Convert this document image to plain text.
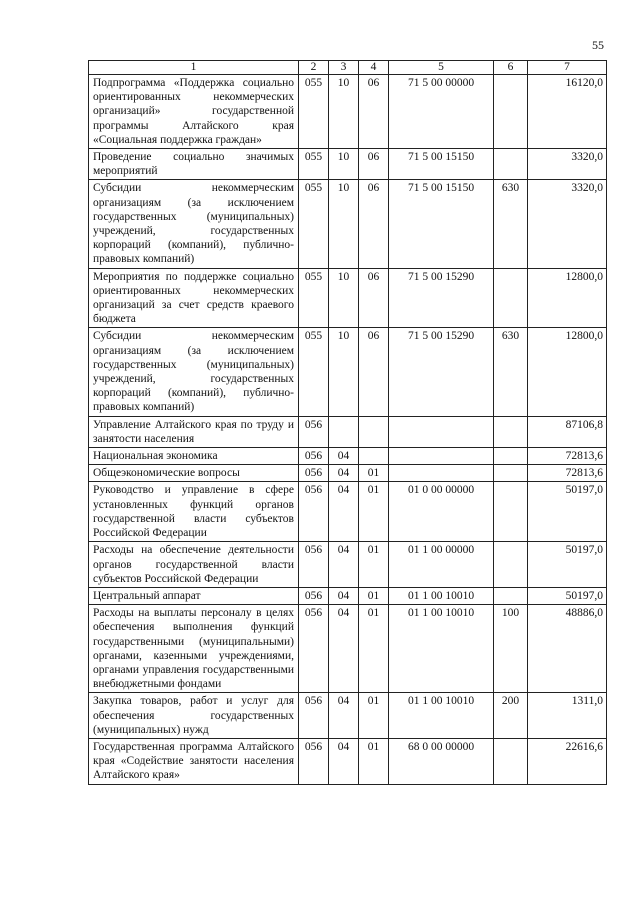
55
1	2	3	4	5	6	7
Подпрограмма «Поддержка социально ориентированных некоммерческих организаций» государственной программы Алтайского края «Социальная поддержка граждан»	055	10	06	71 5 00 00000		16120,0
Проведение социально значимых мероприятий	055	10	06	71 5 00 15150		3320,0
Субсидии некоммерческим организациям (за исключением государственных (муниципальных) учреждений, государственных корпораций (компаний), публично-правовых компаний)	055	10	06	71 5 00 15150	630	3320,0
Мероприятия по поддержке социально ориентированных некоммерческих организаций за счет средств краевого бюджета	055	10	06	71 5 00 15290		12800,0
Субсидии некоммерческим организациям (за исключением государственных (муниципальных) учреждений, государственных корпораций (компаний), публично-правовых компаний)	055	10	06	71 5 00 15290	630	12800,0
Управление Алтайского края по труду и занятости населения	056					87106,8
Национальная экономика	056	04				72813,6
Общеэкономические вопросы	056	04	01			72813,6
Руководство и управление в сфере установленных функций органов государственной власти субъектов Российской Федерации	056	04	01	01 0 00 00000		50197,0
Расходы на обеспечение деятельности органов государственной власти субъектов Российской Федерации	056	04	01	01 1 00 00000		50197,0
Центральный аппарат	056	04	01	01 1 00 10010		50197,0
Расходы на выплаты персоналу в целях обеспечения выполнения функций государственными (муниципальными) органами, казенными учреждениями, органами управления государственными внебюджетными фондами	056	04	01	01 1 00 10010	100	48886,0
Закупка товаров, работ и услуг для обеспечения государственных (муниципальных) нужд	056	04	01	01 1 00 10010	200	1311,0
Государственная программа Алтайского края «Содействие занятости населения Алтайского края»	056	04	01	68 0 00 00000		22616,6
